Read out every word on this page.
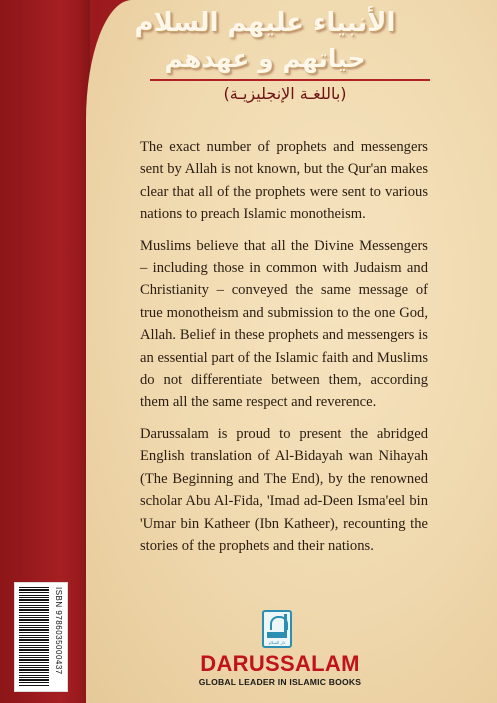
الأنبياء عليهم السلام
حياتهم و عهدهم
(باللغـة الإنجليزيـة)

The exact number of prophets and messengers sent by Allah is not known, but the Qur'an makes clear that all of the prophets were sent to various nations to preach Islamic monotheism.

Muslims believe that all the Divine Messengers – including those in common with Judaism and Christianity – conveyed the same message of true monotheism and submission to the one God, Allah. Belief in these prophets and messengers is an essential part of the Islamic faith and Muslims do not differentiate between them, according them all the same respect and reverence.

Darussalam is proud to present the abridged English translation of Al-Bidayah wan Nihayah (The Beginning and The End), by the renowned scholar Abu Al-Fida, 'Imad ad-Deen Isma'eel bin 'Umar bin Katheer (Ibn Katheer), recounting the stories of the prophets and their nations.

ISBN 9786035000437	دار السلام
DARUSSALAM
GLOBAL LEADER IN ISLAMIC BOOKS
